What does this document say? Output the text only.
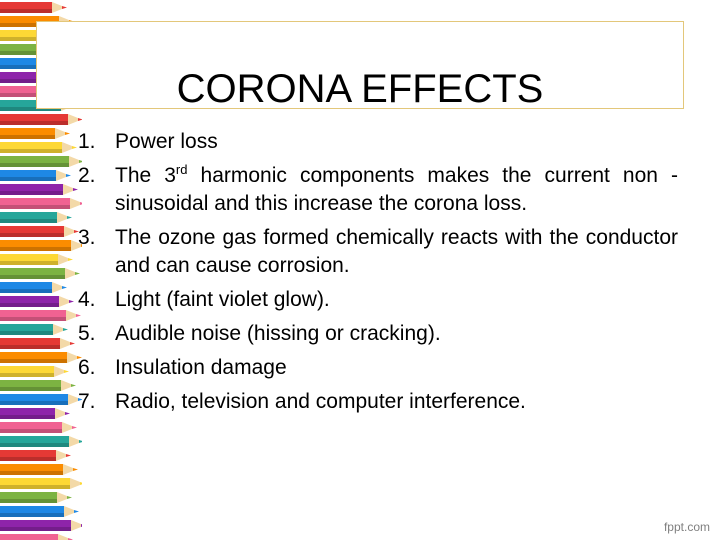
CORONA EFFECTS
1. Power loss
2. The 3rd harmonic components makes the current non -sinusoidal and this increase the corona loss.
3. The ozone gas formed chemically reacts with the conductor and can cause corrosion.
4. Light (faint violet glow).
5. Audible noise (hissing or cracking).
6. Insulation damage
7. Radio, television and computer interference.
fppt.com
